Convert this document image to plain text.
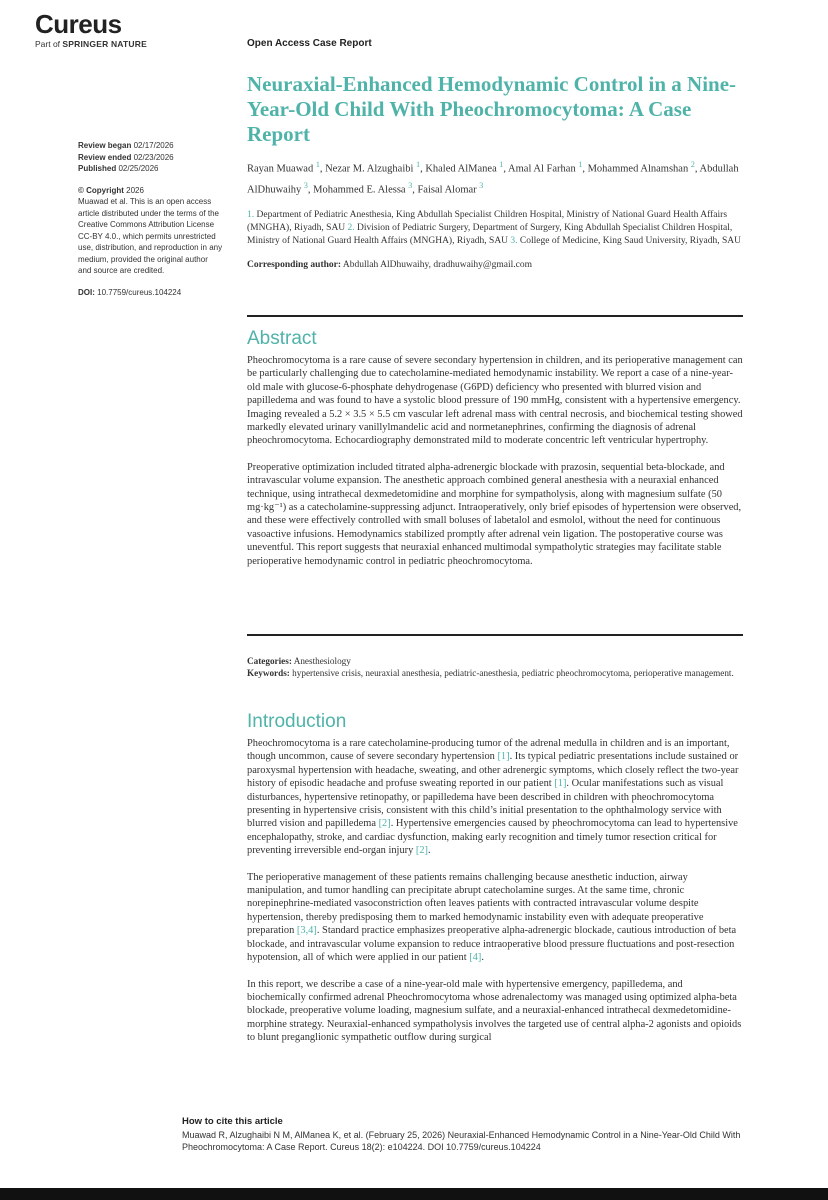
Cureus
Part of SPRINGER NATURE	Open Access Case Report
Review began 02/17/2026
Review ended 02/23/2026
Published 02/25/2026
© Copyright 2026

Muawad et al. This is an open access article distributed under the terms of the Creative Commons Attribution License CC-BY 4.0., which permits unrestricted use, distribution, and reproduction in any medium, provided the original author and source are credited.

DOI: 10.7759/cureus.104224
Neuraxial-Enhanced Hemodynamic Control in a Nine-Year-Old Child With Pheochromocytoma: A Case Report
Rayan Muawad $^1$, Nezar M. Alzughaibi $^1$, Khaled AlManea $^1$, Amal Al Farhan $^1$, Mohammed Alnamshan $^2$, Abdullah AlDhuwaihy $^3$, Mohammed E. Alessa $^3$, Faisal Alomar $^3$
1. Department of Pediatric Anesthesia, King Abdullah Specialist Children Hospital, Ministry of National Guard Health Affairs (MNGHA), Riyadh, SAU 2. Division of Pediatric Surgery, Department of Surgery, King Abdullah Specialist Children Hospital, Ministry of National Guard Health Affairs (MNGHA), Riyadh, SAU 3. College of Medicine, King Saud University, Riyadh, SAU
Corresponding author: Abdullah AlDhuwaihy, dradhuwaihy@gmail.com
Abstract

Pheochromocytoma is a rare cause of severe secondary hypertension in children, and its perioperative management can be particularly challenging due to catecholamine-mediated hemodynamic instability. We report a case of a nine-year-old male with glucose-6-phosphate dehydrogenase (G6PD) deficiency who presented with blurred vision and papilledema and was found to have a systolic blood pressure of 190 mmHg, consistent with a hypertensive emergency. Imaging revealed a 5.2 × 3.5 × 5.5 cm vascular left adrenal mass with central necrosis, and biochemical testing showed markedly elevated urinary vanillylmandelic acid and normetanephrines, confirming the diagnosis of adrenal pheochromocytoma. Echocardiography demonstrated mild to moderate concentric left ventricular hypertrophy.

Preoperative optimization included titrated alpha-adrenergic blockade with prazosin, sequential beta-blockade, and intravascular volume expansion. The anesthetic approach combined general anesthesia with a neuraxial enhanced technique, using intrathecal dexmedetomidine and morphine for sympatholysis, along with magnesium sulfate (50 mg·kg⁻¹) as a catecholamine-suppressing adjunct. Intraoperatively, only brief episodes of hypertension were observed, and these were effectively controlled with small boluses of labetalol and esmolol, without the need for continuous vasoactive infusions. Hemodynamics stabilized promptly after adrenal vein ligation. The postoperative course was uneventful. This report suggests that neuraxial enhanced multimodal sympatholytic strategies may facilitate stable perioperative hemodynamic control in pediatric pheochromocytoma.

Categories: Anesthesiology
Keywords: hypertensive crisis, neuraxial anesthesia, pediatric-anesthesia, pediatric pheochromocytoma, perioperative management.
Introduction

Pheochromocytoma is a rare catecholamine-producing tumor of the adrenal medulla in children and is an important, though uncommon, cause of severe secondary hypertension [1]. Its typical pediatric presentations include sustained or paroxysmal hypertension with headache, sweating, and other adrenergic symptoms, which closely reflect the two-year history of episodic headache and profuse sweating reported in our patient [1]. Ocular manifestations such as visual disturbances, hypertensive retinopathy, or papilledema have been described in children with pheochromocytoma presenting in hypertensive crisis, consistent with this child’s initial presentation to the ophthalmology service with blurred vision and papilledema [2]. Hypertensive emergencies caused by pheochromocytoma can lead to hypertensive encephalopathy, stroke, and cardiac dysfunction, making early recognition and timely tumor resection critical for preventing irreversible end-organ injury [2].

The perioperative management of these patients remains challenging because anesthetic induction, airway manipulation, and tumor handling can precipitate abrupt catecholamine surges. At the same time, chronic norepinephrine-mediated vasoconstriction often leaves patients with contracted intravascular volume despite hypertension, thereby predisposing them to marked hemodynamic instability even with adequate preoperative preparation [3,4]. Standard practice emphasizes preoperative alpha-adrenergic blockade, cautious introduction of beta blockade, and intravascular volume expansion to reduce intraoperative blood pressure fluctuations and post-resection hypotension, all of which were applied in our patient [4].

In this report, we describe a case of a nine-year-old male with hypertensive emergency, papilledema, and biochemically confirmed adrenal Pheochromocytoma whose adrenalectomy was managed using optimized alpha-beta blockade, preoperative volume loading, magnesium sulfate, and a neuraxial-enhanced intrathecal dexmedetomidine-morphine strategy. Neuraxial-enhanced sympatholysis involves the targeted use of central alpha-2 agonists and opioids to blunt preganglionic sympathetic outflow during surgical

How to cite this article
Muawad R, Alzughaibi N M, AlManea K, et al. (February 25, 2026) Neuraxial-Enhanced Hemodynamic Control in a Nine-Year-Old Child With Pheochromocytoma: A Case Report. Cureus 18(2): e104224. DOI 10.7759/cureus.104224
